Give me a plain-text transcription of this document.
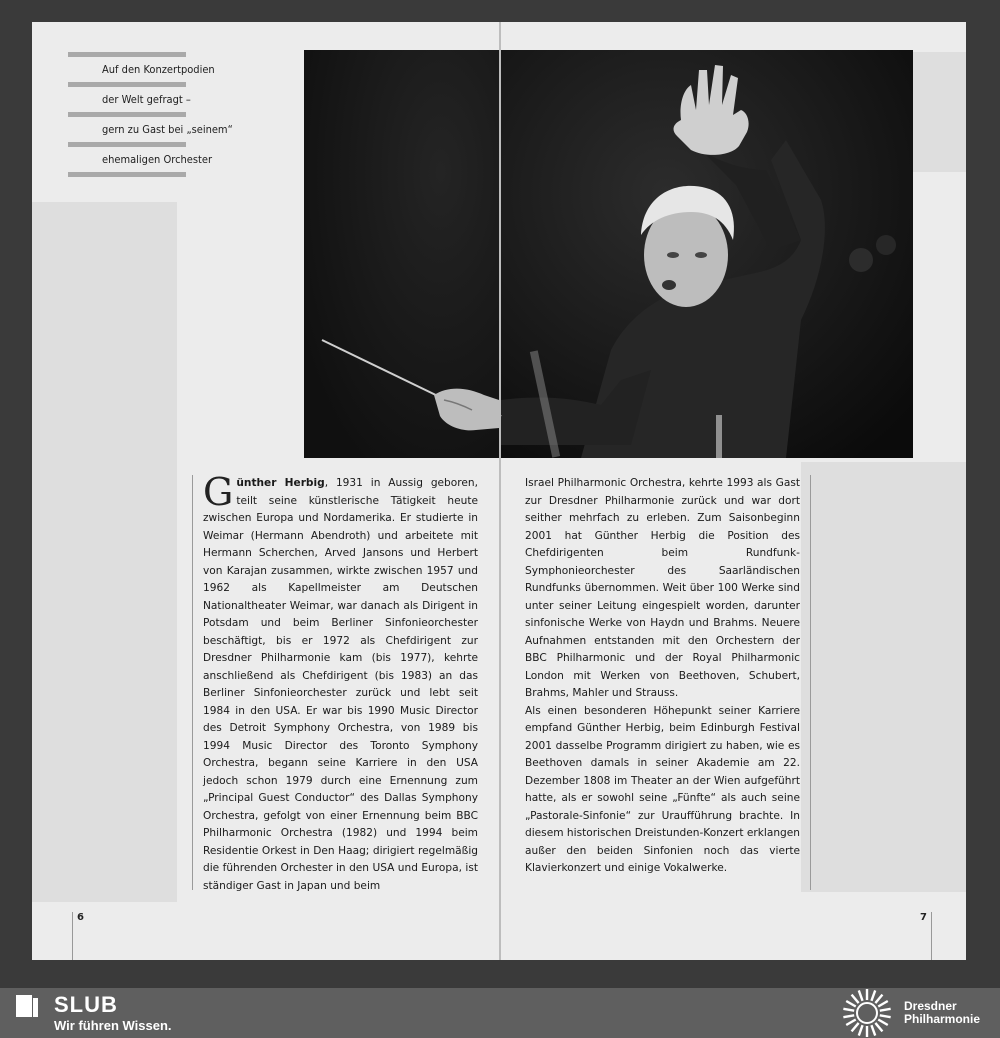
Auf den Konzertpodien
der Welt gefragt –
gern zu Gast bei „seinem“
ehemaligen Orchester

Günther Herbig, 1931 in Aussig geboren, teilt seine künstlerische Tätigkeit heute zwischen Europa und Nordamerika. Er studierte in Weimar (Hermann Abendroth) und arbeitete mit Hermann Scherchen, Arved Jansons und Herbert von Karajan zusammen, wirkte zwischen 1957 und 1962 als Kapellmeister am Deutschen Nationaltheater Weimar, war danach als Dirigent in Potsdam und beim Berliner Sinfonieorchester beschäftigt, bis er 1972 als Chefdirigent zur Dresdner Philharmonie kam (bis 1977), kehrte anschließend als Chefdirigent (bis 1983) an das Berliner Sinfonieorchester zurück und lebt seit 1984 in den USA. Er war bis 1990 Music Director des Detroit Symphony Orchestra, von 1989 bis 1994 Music Director des Toronto Symphony Orchestra, begann seine Karriere in den USA jedoch schon 1979 durch eine Ernennung zum „Principal Guest Conductor“ des Dallas Symphony Orchestra, gefolgt von einer Ernennung beim BBC Philharmonic Orchestra (1982) und 1994 beim Residentie Orkest in Den Haag; dirigiert regelmäßig die führenden Orchester in den USA und Europa, ist ständiger Gast in Japan und beim

6

Israel Philharmonic Orchestra, kehrte 1993 als Gast zur Dresdner Philharmonie zurück und war dort seither mehrfach zu erleben. Zum Saisonbeginn 2001 hat Günther Herbig die Position des Chefdirigenten beim Rundfunk-Symphonieorchester des Saarländischen Rundfunks übernommen. Weit über 100 Werke sind unter seiner Leitung eingespielt worden, darunter sinfonische Werke von Haydn und Brahms. Neuere Aufnahmen entstanden mit den Orchestern der BBC Philharmonic und der Royal Philharmonic London mit Werken von Beethoven, Schubert, Brahms, Mahler und Strauss.

Als einen besonderen Höhepunkt seiner Karriere empfand Günther Herbig, beim Edinburgh Festival 2001 dasselbe Programm dirigiert zu haben, wie es Beethoven damals in seiner Akademie am 22. Dezember 1808 im Theater an der Wien aufgeführt hatte, als er sowohl seine „Fünfte“ als auch seine „Pastorale-Sinfonie“ zur Uraufführung brachte. In diesem historischen Dreistunden-Konzert erklangen außer den beiden Sinfonien noch das vierte Klavierkonzert und einige Vokalwerke.

7
SLUB
Wir führen Wissen.
Dresdner
Philharmonie
